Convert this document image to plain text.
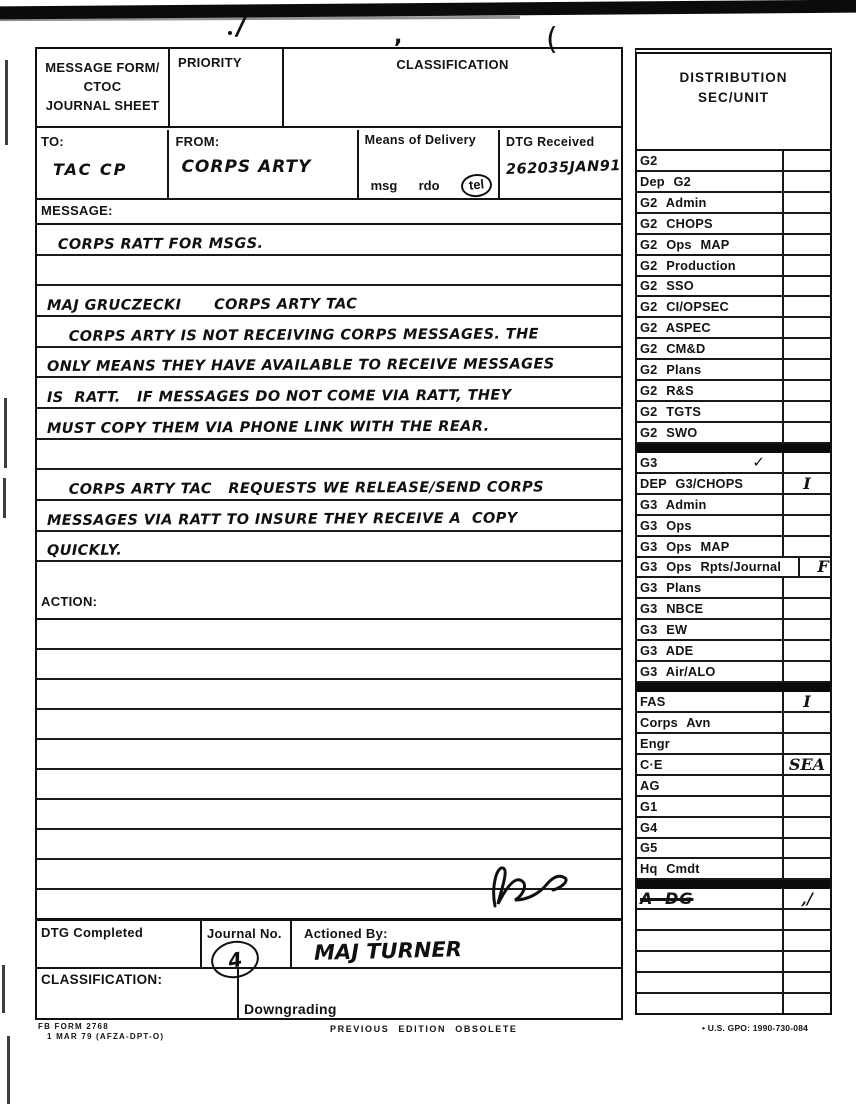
/	,	(
MESSAGE FORM/
CTOC
JOURNAL SHEET
PRIORITY	CLASSIFICATION
TO:
TAC CP
FROM:
CORPS ARTY
Means of Delivery
msg rdo	tel
DTG Received 262035JAN91
MESSAGE:
CORPS RATT FOR MSGS.
MAJ GRUCZECKI      CORPS ARTY TAC
CORPS ARTY IS NOT RECEIVING CORPS MESSAGES. THE
ONLY MEANS THEY HAVE AVAILABLE TO RECEIVE MESSAGES
IS  RATT.   IF MESSAGES DO NOT COME VIA RATT, THEY
MUST COPY THEM VIA PHONE LINK WITH THE REAR.
CORPS ARTY TAC   REQUESTS WE RELEASE/SEND CORPS
MESSAGES VIA RATT TO INSURE THEY RECEIVE A  COPY
QUICKLY.
ACTION:
DTG Completed	Journal No.
4
Actioned By:
MAJ TURNER
CLASSIFICATION:
Downgrading
DISTRIBUTION
SEC/UNIT
G2
Dep G2
G2 Admin
G2 CHOPS
G2 Ops MAP
G2 Production
G2 SSO
G2 CI/OPSEC
G2 ASPEC
G2 CM&D
G2 Plans
G2 R&S
G2 TGTS
G2 SWO
G3	✓
DEP G3/CHOPS	I
G3 Admin
G3 Ops
G3 Ops MAP
G3 Ops Rpts/Journal	F
G3 Plans
G3 NBCE
G3 EW
G3 ADE
G3 Air/ALO
FAS	I
Corps Avn
Engr
C·E	SEA
AG
G1
G4
G5
Hq Cmdt
A DG	,/
FB FORM 2768
1 MAR 79 (AFZA-DPT-O)
PREVIOUS EDITION OBSOLETE	• U.S. GPO: 1990-730-084
